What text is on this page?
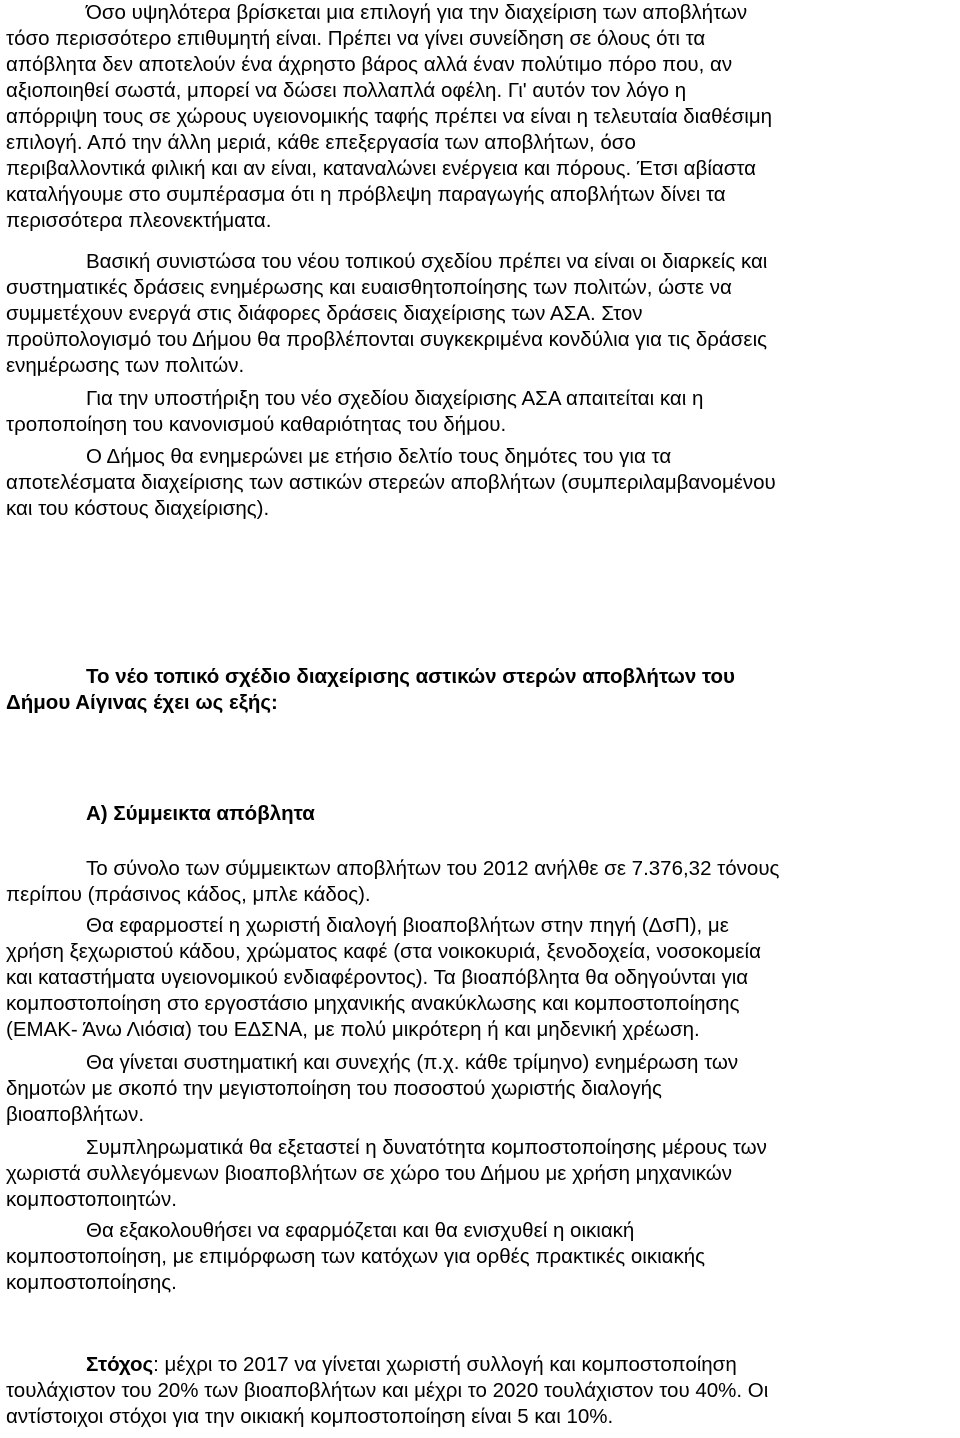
Όσο υψηλότερα βρίσκεται μια επιλογή για την διαχείριση των αποβλήτων
τόσο περισσότερο επιθυμητή είναι. Πρέπει να γίνει συνείδηση σε όλους ότι τα
απόβλητα δεν αποτελούν ένα άχρηστο βάρος αλλά έναν πολύτιμο πόρο που, αν
αξιοποιηθεί σωστά, μπορεί να δώσει πολλαπλά οφέλη. Γι' αυτόν τον λόγο η
απόρριψη τους σε χώρους υγειονομικής ταφής πρέπει να είναι η τελευταία διαθέσιμη
επιλογή. Από την άλλη μεριά, κάθε επεξεργασία των αποβλήτων, όσο
περιβαλλοντικά φιλική και αν είναι, καταναλώνει ενέργεια και πόρους. Έτσι αβίαστα
καταλήγουμε στο συμπέρασμα ότι η πρόβλεψη παραγωγής αποβλήτων δίνει τα
περισσότερα πλεονεκτήματα.
Βασική συνιστώσα του νέου τοπικού σχεδίου πρέπει να είναι οι διαρκείς και
συστηματικές δράσεις ενημέρωσης και ευαισθητοποίησης των πολιτών, ώστε να
συμμετέχουν ενεργά στις διάφορες δράσεις διαχείρισης των ΑΣΑ. Στον
προϋπολογισμό του Δήμου θα προβλέπονται συγκεκριμένα κονδύλια για τις δράσεις
ενημέρωσης των πολιτών.
Για την υποστήριξη του νέο σχεδίου διαχείρισης ΑΣΑ απαιτείται και η
τροποποίηση του κανονισμού καθαριότητας του δήμου.
Ο Δήμος θα ενημερώνει με ετήσιο δελτίο τους δημότες του για τα
αποτελέσματα διαχείρισης των αστικών στερεών αποβλήτων (συμπεριλαμβανομένου
και του κόστους διαχείρισης).
Το νέο τοπικό σχέδιο διαχείρισης αστικών στερών αποβλήτων του
Δήμου Αίγινας έχει ως εξής:
Α) Σύμμεικτα απόβλητα
Το σύνολο των σύμμεικτων αποβλήτων του 2012 ανήλθε σε 7.376,32 τόνους
περίπου (πράσινος κάδος, μπλε κάδος).
Θα εφαρμοστεί η χωριστή διαλογή βιοαποβλήτων στην πηγή (ΔσΠ), με
χρήση ξεχωριστού κάδου, χρώματος καφέ (στα νοικοκυριά, ξενοδοχεία, νοσοκομεία
και καταστήματα υγειονομικού ενδιαφέροντος). Τα βιοαπόβλητα θα οδηγούνται για
κομποστοποίηση στο εργοστάσιο μηχανικής ανακύκλωσης και κομποστοποίησης
(ΕΜΑΚ- Άνω Λιόσια) του ΕΔΣΝΑ, με πολύ μικρότερη ή και μηδενική χρέωση.
Θα γίνεται συστηματική και συνεχής (π.χ. κάθε τρίμηνο) ενημέρωση των
δημοτών με σκοπό την μεγιστοποίηση του ποσοστού χωριστής διαλογής
βιοαποβλήτων.
Συμπληρωματικά θα εξεταστεί η δυνατότητα κομποστοποίησης μέρους των
χωριστά συλλεγόμενων βιοαποβλήτων σε χώρο του Δήμου με χρήση μηχανικών
κομποστοποιητών.
Θα εξακολουθήσει να εφαρμόζεται και θα ενισχυθεί η οικιακή
κομποστοποίηση, με επιμόρφωση των κατόχων για ορθές πρακτικές οικιακής
κομποστοποίησης.
Στόχος: μέχρι το 2017 να γίνεται χωριστή συλλογή και κομποστοποίηση
τουλάχιστον του 20% των βιοαποβλήτων και μέχρι το 2020 τουλάχιστον του 40%. Οι
αντίστοιχοι στόχοι για την οικιακή κομποστοποίηση είναι 5 και 10%.
